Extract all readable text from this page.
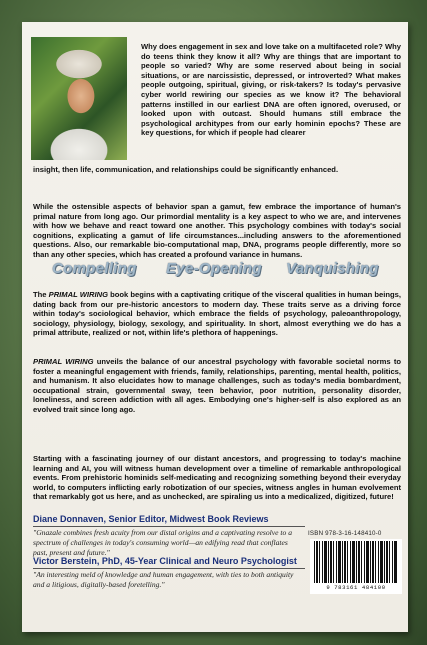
Why does engagement in sex and love take on a multifaceted role? Why do teens think they know it all? Why are things that are important to people so varied? Why are some reserved about being in social situations, or are narcissistic, depressed, or introverted? What makes people outgoing, spiritual, giving, or risk-takers? Is today's pervasive cyber world rewiring our species as we know it? The behavioral patterns instilled in our earliest DNA are often ignored, overused, or looked upon with outcast. Should humans still embrace the psychological architypes from our early hominin epochs? These are key questions, for which if people had clearer

insight, then life, communication, and relationships could be significantly enhanced.

While the ostensible aspects of behavior span a gamut, few embrace the importance of human's primal nature from long ago. Our primordial mentality is a key aspect to who we are, and intervenes with how we behave and react toward one another. This psychology combines with today's social cognitions, explicating a gamut of life circumstances...including answers to the aforementioned questions. Also, our remarkable bio-computational map, DNA, programs people differently, more so than any other species, which has created a profound variance in humans.

Compelling Eye-Opening Vanquishing

The PRIMAL WIRING book begins with a captivating critique of the visceral qualities in human beings, dating back from our pre-historic ancestors to modern day. These traits serve as a driving force within today's sociological behavior, which embrace the fields of psychology, paleoanthropology, sociology, physiology, biology, sexology, and spirituality. In short, almost everything we do has a primal attribute, realized or not, within life's plethora of happenings.

PRIMAL WIRING unveils the balance of our ancestral psychology with favorable societal norms to foster a meaningful engagement with friends, family, relationships, parenting, mental health, politics, and humanism. It also elucidates how to manage challenges, such as today's media bombardment, occupational strain, governmental sway, teen behavior, poor nutrition, personality disorder, loneliness, and screen addiction with all ages. Embodying one's higher-self is also explored as an evolved trait since long ago.

Starting with a fascinating journey of our distant ancestors, and progressing to today's machine learning and AI, you will witness human development over a timeline of remarkable anthropological events. From prehistoric hominids self-medicating and recognizing something beyond their everyday world, to computers inflicting early robotization of our species, witness angles in human evolvement that remarkably got us here, and as unchecked, are spiraling us into a medicalized, digitized, future!

Diane Donnaven, Senior Editor, Midwest Book Reviews

"Gnazale combines fresh acuity from our distal origins and a captivating resolve to a spectrum of challenges in today's consuming world—an edifying read that conflates past, present and future."

Victor Berstein, PhD, 45-Year Clinical and Neuro Psychologist

"An interesting meld of knowledge and human engagement, with ties to both antiquity and a litigious, digitally-based foretelling."

ISBN 978-3-16-148410-0
9 783161 484100
